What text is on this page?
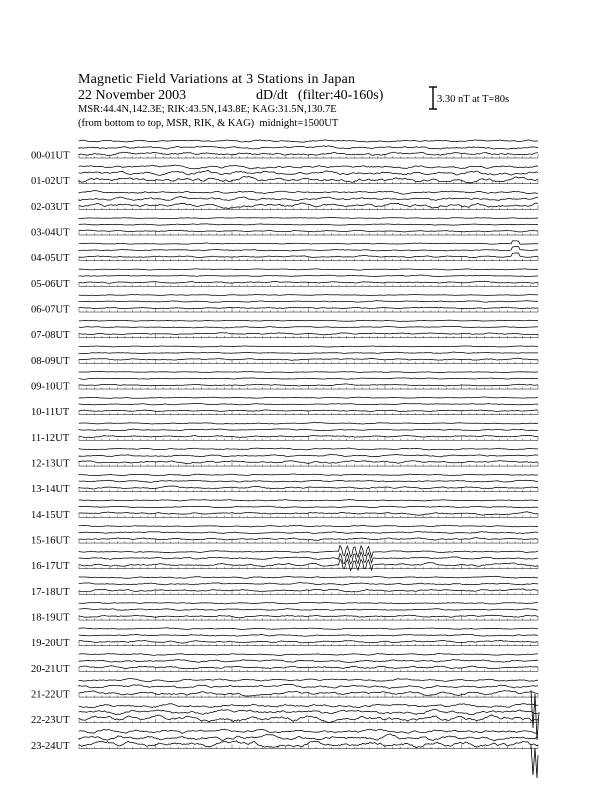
Magnetic Field Variations at 3 Stations in Japan
22 November 2003	dD/dt (filter:40-160s)
MSR:44.4N,142.3E; RIK:43.5N,143.8E; KAG:31.5N,130.7E
(from bottom to top, MSR, RIK, & KAG) midnight=1500UT
3.30 nT at T=80s
00-01UT
01-02UT
02-03UT
03-04UT
04-05UT
05-06UT
06-07UT
07-08UT
08-09UT
09-10UT
10-11UT
11-12UT
12-13UT
13-14UT
14-15UT
15-16UT
16-17UT
17-18UT
18-19UT
19-20UT
20-21UT
21-22UT
22-23UT
23-24UT
